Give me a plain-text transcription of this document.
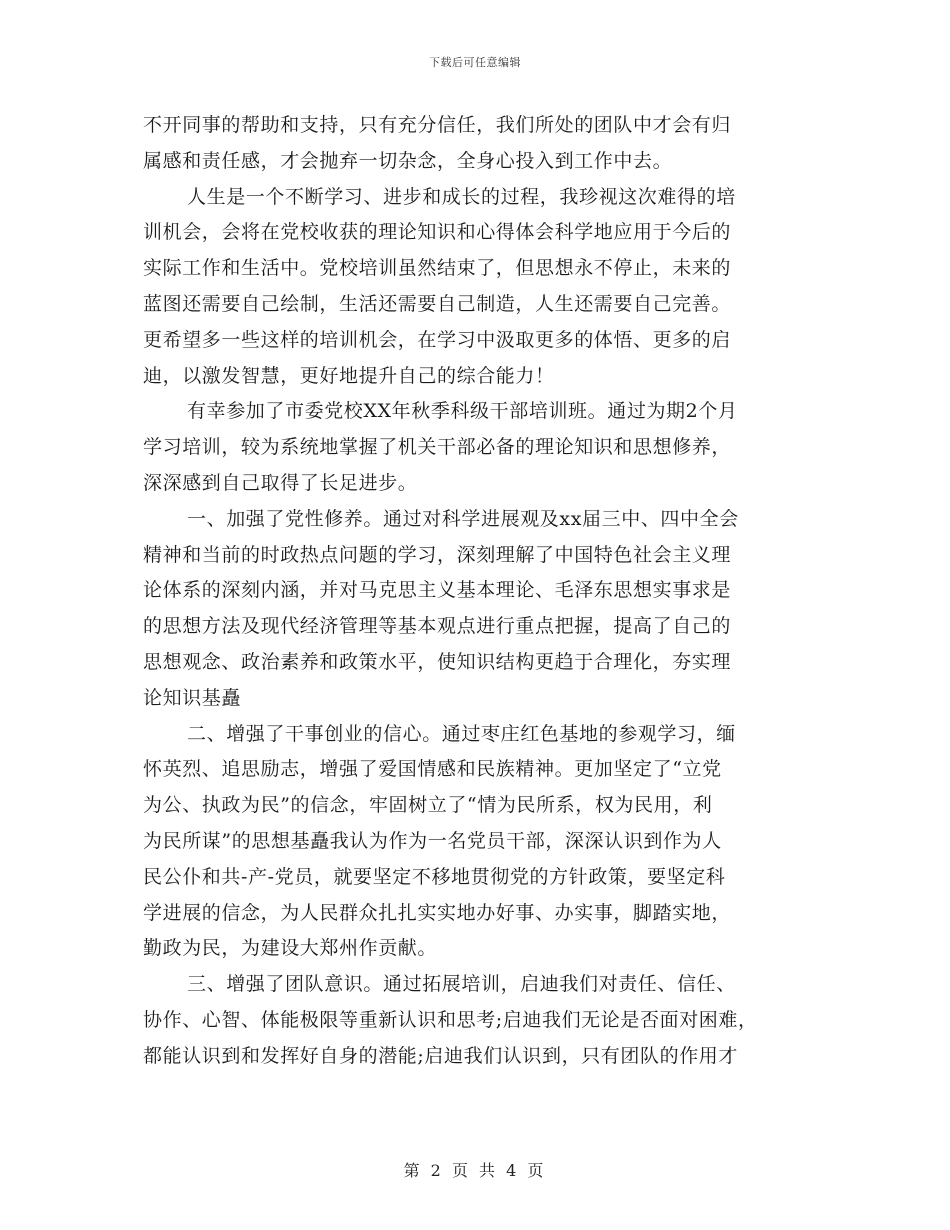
下载后可任意编辑
不开同事的帮助和支持，只有充分信任，我们所处的团队中才会有归
属感和责任感，才会抛弃一切杂念，全身心投入到工作中去。
人生是一个不断学习、进步和成长的过程，我珍视这次难得的培
训机会，会将在党校收获的理论知识和心得体会科学地应用于今后的
实际工作和生活中。党校培训虽然结束了，但思想永不停止，未来的
蓝图还需要自己绘制，生活还需要自己制造，人生还需要自己完善。
更希望多一些这样的培训机会，在学习中汲取更多的体悟、更多的启
迪，以激发智慧，更好地提升自己的综合能力！
有幸参加了市委党校XX年秋季科级干部培训班。通过为期2个月
学习培训，较为系统地掌握了机关干部必备的理论知识和思想修养，
深深感到自己取得了长足进步。
一、加强了党性修养。通过对科学进展观及xx届三中、四中全会
精神和当前的时政热点问题的学习，深刻理解了中国特色社会主义理
论体系的深刻内涵，并对马克思主义基本理论、毛泽东思想实事求是
的思想方法及现代经济管理等基本观点进行重点把握，提高了自己的
思想观念、政治素养和政策水平，使知识结构更趋于合理化，夯实理
论知识基矗
二、增强了干事创业的信心。通过枣庄红色基地的参观学习，缅
怀英烈、追思励志，增强了爱国情感和民族精神。更加坚定了“立党
为公、执政为民”的信念，牢固树立了“情为民所系，权为民用，利
为民所谋”的思想基矗我认为作为一名党员干部，深深认识到作为人
民公仆和共-产-党员，就要坚定不移地贯彻党的方针政策，要坚定科
学进展的信念，为人民群众扎扎实实地办好事、办实事，脚踏实地，
勤政为民，为建设大郑州作贡献。
三、增强了团队意识。通过拓展培训，启迪我们对责任、信任、
协作、心智、体能极限等重新认识和思考;启迪我们无论是否面对困难，
都能认识到和发挥好自身的潜能;启迪我们认识到，只有团队的作用才
第 2 页 共 4 页
